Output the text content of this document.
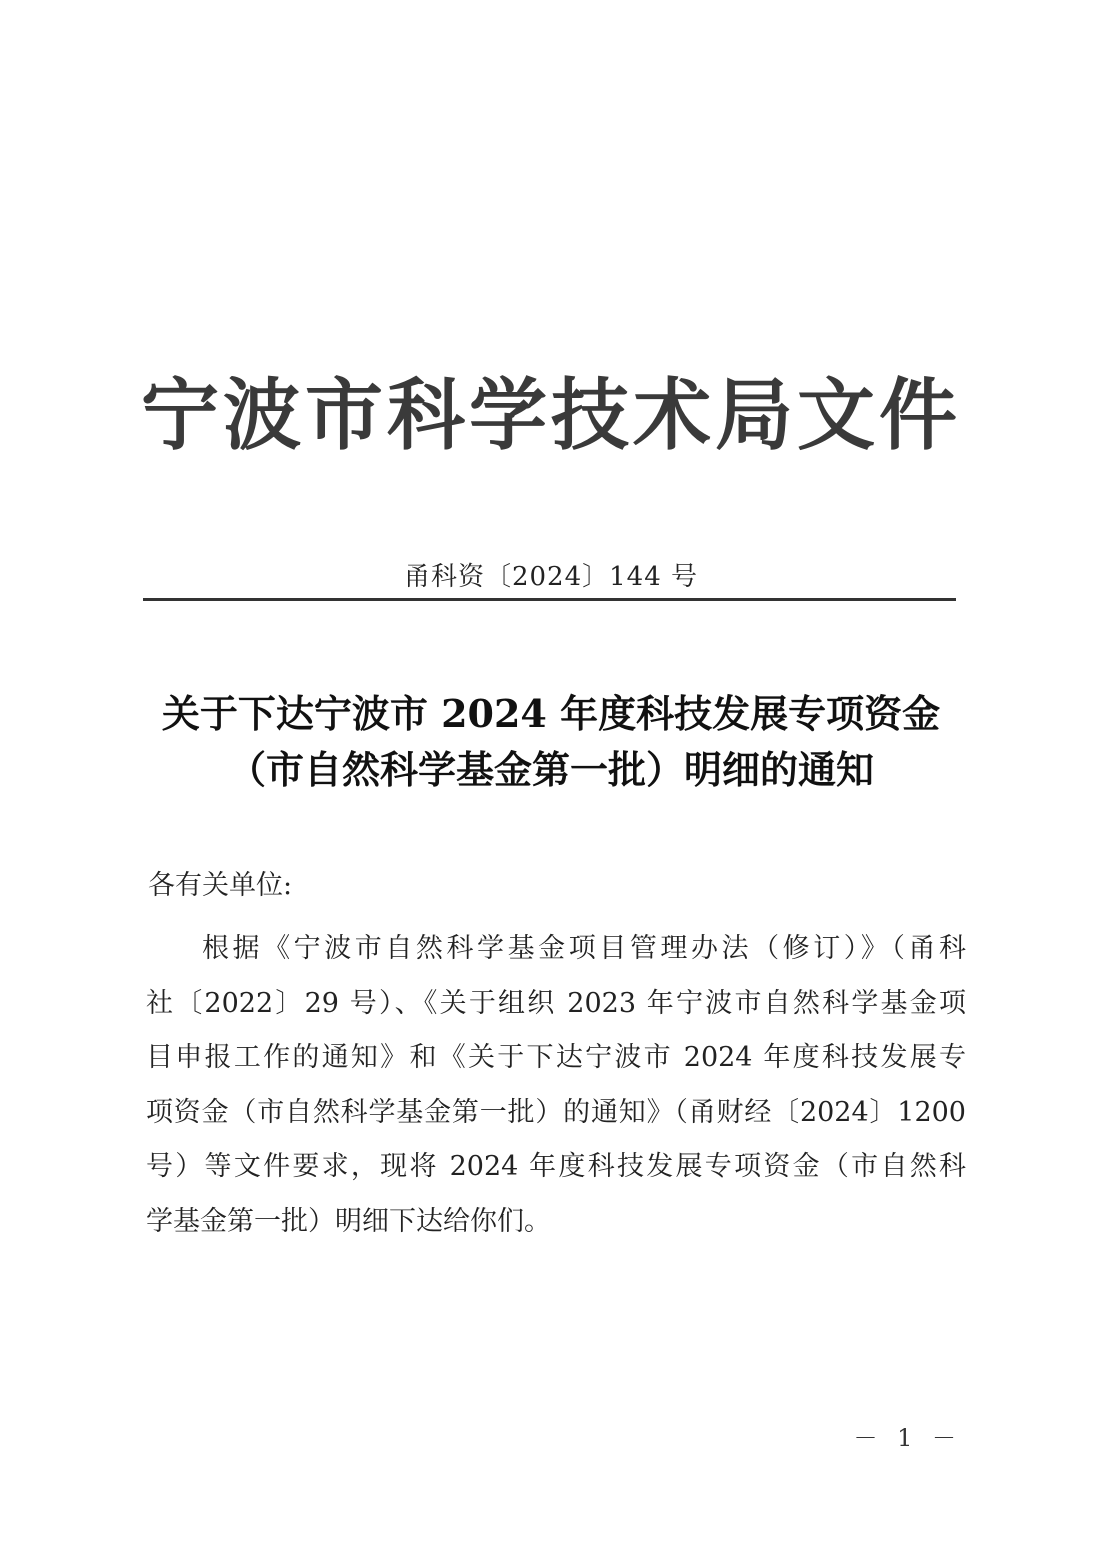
宁波市科学技术局文件
甬科资〔2024〕144 号
关于下达宁波市 2024 年度科技发展专项资金
（市自然科学基金第一批）明细的通知
各有关单位:
根据《宁波市自然科学基金项目管理办法（修订）》（甬科
社〔2022〕29 号）、《关于组织 2023 年宁波市自然科学基金项
目申报工作的通知》和《关于下达宁波市 2024 年度科技发展专
项资金（市自然科学基金第一批）的通知》（甬财经〔2024〕1200
号）等文件要求，现将 2024 年度科技发展专项资金（市自然科
学基金第一批）明细下达给你们。
－ 1 －
